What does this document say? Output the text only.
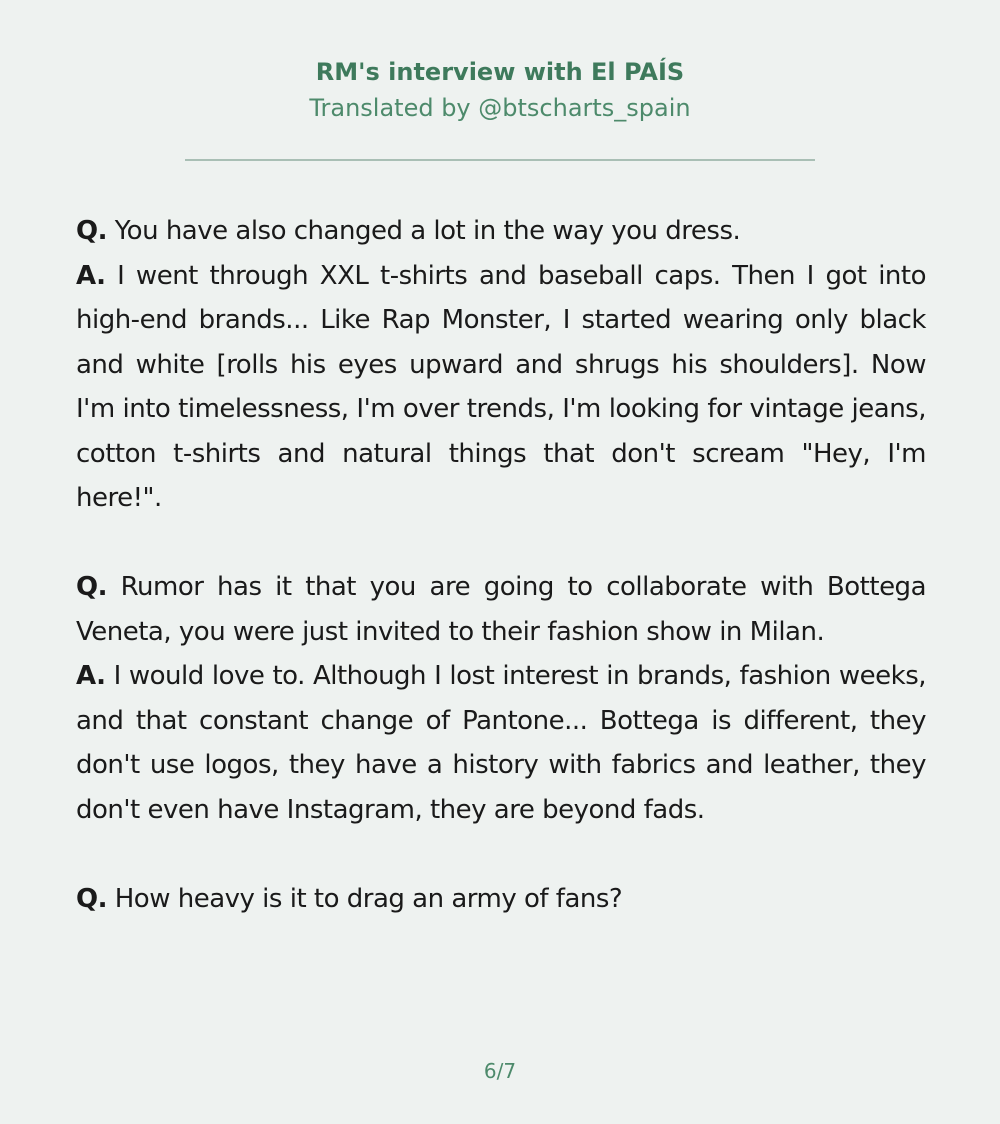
RM's interview with El PAÍS
Translated by @btscharts_spain

Q. You have also changed a lot in the way you dress.

A. I went through XXL t-shirts and baseball caps. Then I got into high-end brands... Like Rap Monster, I started wearing only black and white [rolls his eyes upward and shrugs his shoulders]. Now I'm into timelessness, I'm over trends, I'm looking for vintage jeans, cotton t-shirts and natural things that don't scream "Hey, I'm here!".

Q. Rumor has it that you are going to collaborate with Bottega Veneta, you were just invited to their fashion show in Milan.

A. I would love to. Although I lost interest in brands, fashion weeks, and that constant change of Pantone... Bottega is different, they don't use logos, they have a history with fabrics and leather, they don't even have Instagram, they are beyond fads.

Q. How heavy is it to drag an army of fans?

6/7
